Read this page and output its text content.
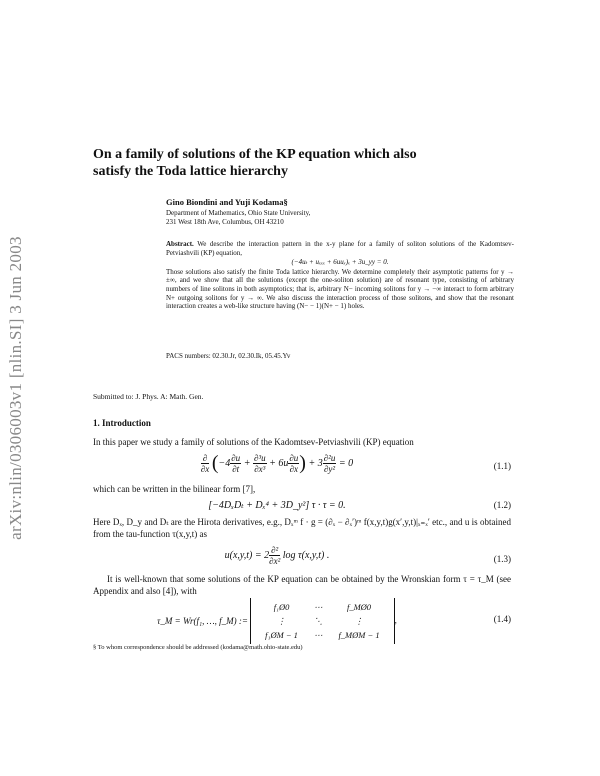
arXiv:nlin/0306003v1 [nlin.SI] 3 Jun 2003
On a family of solutions of the KP equation which also satisfy the Toda lattice hierarchy
Gino Biondini and Yuji Kodama§
Department of Mathematics, Ohio State University,
231 West 18th Ave, Columbus, OH 43210
Abstract. We describe the interaction pattern in the x-y plane for a family of soliton solutions of the Kadomtsev-Petviashvili (KP) equation,
(−4uₜ + uₓₓₓ + 6uuₓ)ₓ + 3u_yy = 0.
Those solutions also satisfy the finite Toda lattice hierarchy. We determine completely their asymptotic patterns for y → ±∞, and we show that all the solutions (except the one-soliton solution) are of resonant type, consisting of arbitrary numbers of line solitons in both asymptotics; that is, arbitrary N− incoming solitons for y → −∞ interact to form arbitrary N+ outgoing solitons for y → ∞. We also discuss the interaction process of those solitons, and show that the resonant interaction creates a web-like structure having (N− − 1)(N+ − 1) holes.
PACS numbers: 02.30.Jr, 02.30.Ik, 05.45.Yv
Submitted to: J. Phys. A: Math. Gen.
1. Introduction
In this paper we study a family of solutions of the Kadomtsev-Petviashvili (KP) equation
$\frac{\partial}{\partial x} (-4 \frac{\partial u}{\partial t} + \frac{\text{∂³u}}{\text{∂x³}} + 6u \frac{\partial u}{\partial x}$ ) + $3 \frac{\text{∂²u}}{\text{∂y²}} = 0$	(1.1)
which can be written in the bilinear form [7],
[−4DₓDₜ + Dₓ⁴ + 3D_y²] τ · τ = 0.	(1.2)
Here Dₓ, D_y and Dₜ are the Hirota derivatives, e.g., Dₓᵐ f · g = (∂ₓ − ∂ₓ′)ᵐ f(x,y,t)g(x′,y,t)|ₓ₌ₓ′ etc., and u is obtained from the tau-function τ(x,y,t) as
$u(x,y,t) = 2 \frac{\text{∂²}}{\text{∂x²}}$ log τ(x,y,t) .	(1.3)
It is well-known that some solutions of the KP equation can be obtained by the Wronskian form τ = τ_M (see Appendix and also [4]), with
τ_M = Wr(f₁, …, f_M) :=
f₁Ø0	⋯	f_MØ0
⋮	⋱	⋮
f₁ØM − 1	⋯	f_MØM − 1
,	(1.4)
§ To whom correspondence should be addressed (kodama@math.ohio-state.edu)
